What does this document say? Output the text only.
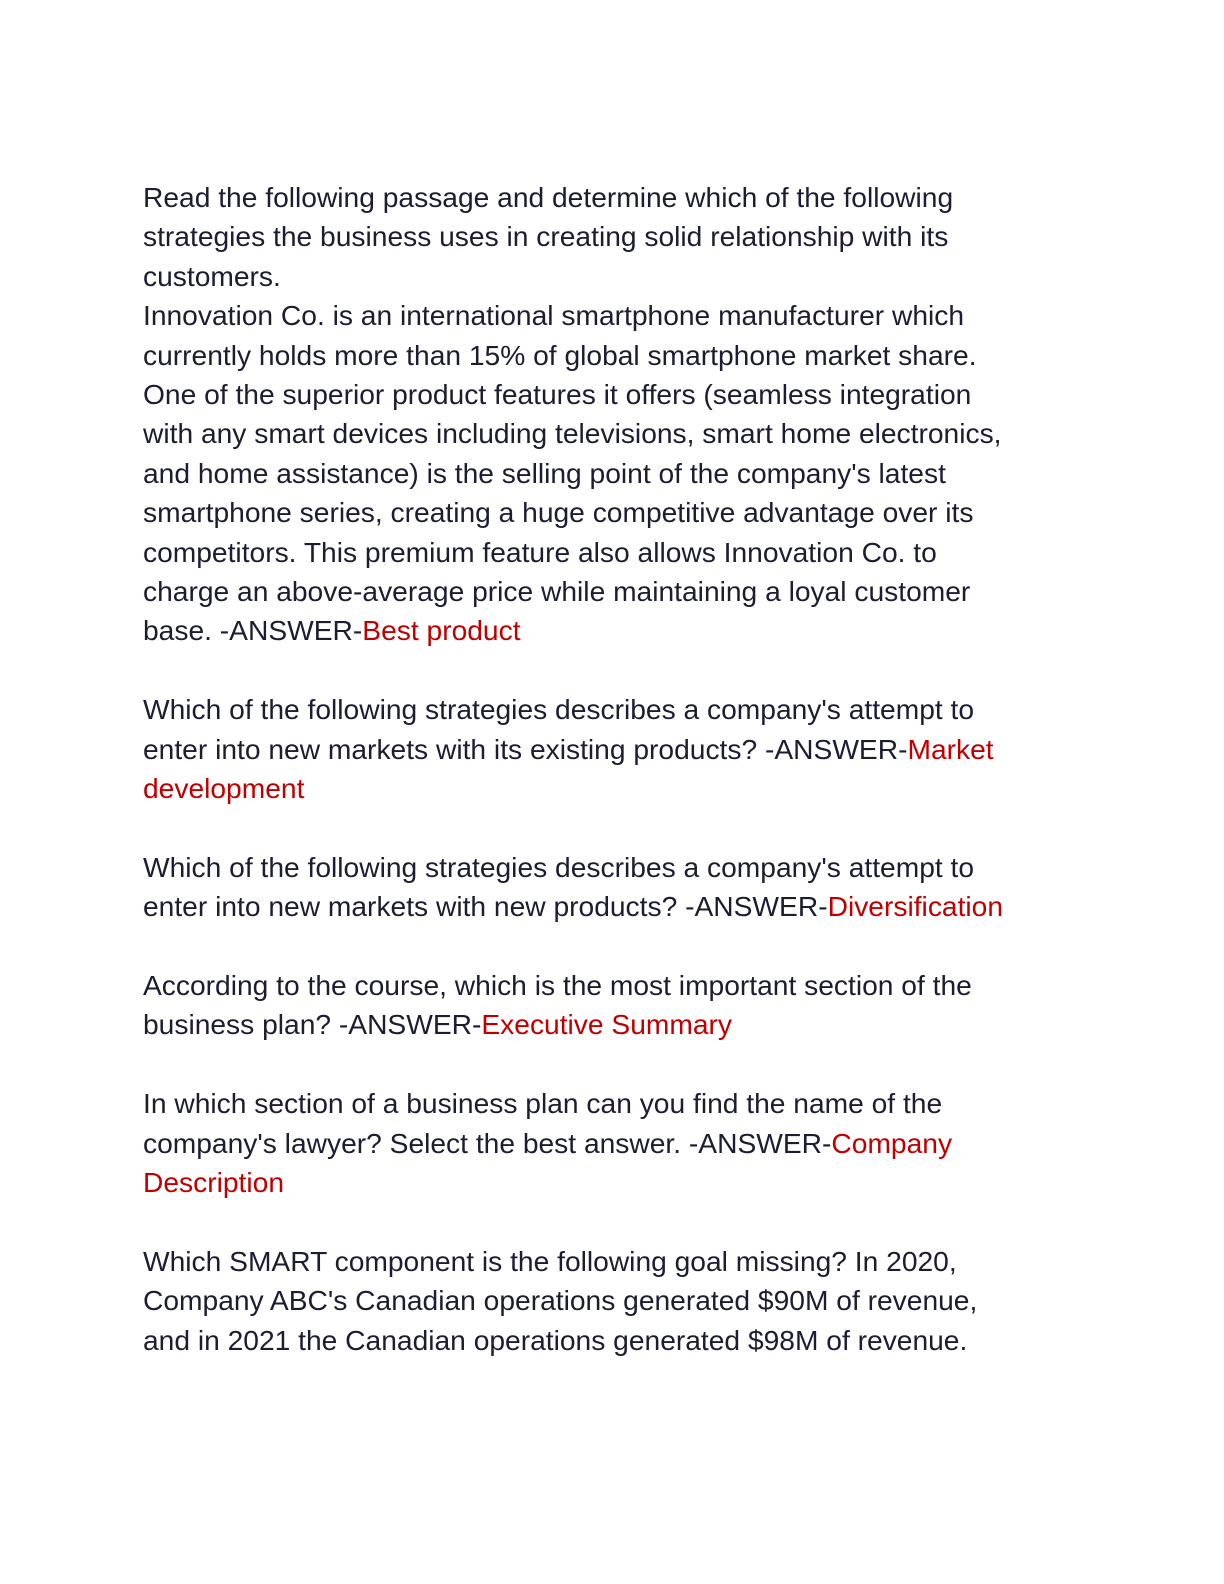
Read the following passage and determine which of the following
strategies the business uses in creating solid relationship with its
customers.
Innovation Co. is an international smartphone manufacturer which
currently holds more than 15% of global smartphone market share.
One of the superior product features it offers (seamless integration
with any smart devices including televisions, smart home electronics,
and home assistance) is the selling point of the company's latest
smartphone series, creating a huge competitive advantage over its
competitors. This premium feature also allows Innovation Co. to
charge an above-average price while maintaining a loyal customer
base. -ANSWER-Best product
Which of the following strategies describes a company's attempt to
enter into new markets with its existing products? -ANSWER-Market
development
Which of the following strategies describes a company's attempt to
enter into new markets with new products? -ANSWER-Diversification
According to the course, which is the most important section of the
business plan? -ANSWER-Executive Summary
In which section of a business plan can you find the name of the
company's lawyer? Select the best answer. -ANSWER-Company
Description
Which SMART component is the following goal missing? In 2020,
Company ABC's Canadian operations generated $90M of revenue,
and in 2021 the Canadian operations generated $98M of revenue.
